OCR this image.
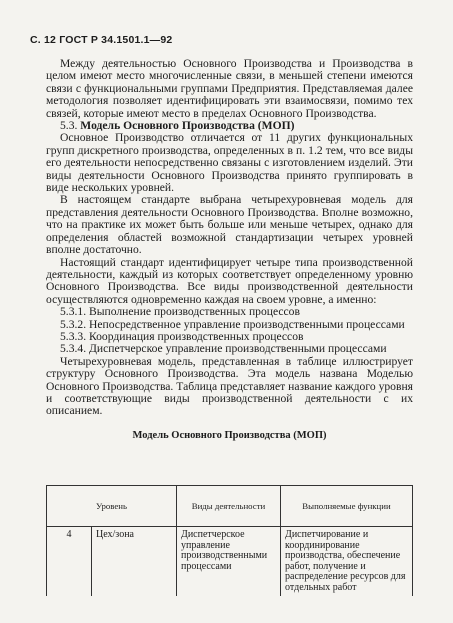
С. 12 ГОСТ Р 34.1501.1—92

Между деятельностью Основного Производства и Производства в целом имеют место многочисленные связи, в меньшей степени имеются связи с функциональными группами Предприятия. Представляемая далее методология позволяет идентифицировать эти взаимосвязи, помимо тех связей, которые имеют место в пределах Основного Производства.

5.3. Модель Основного Производства (МОП)

Основное Производство отличается от 11 других функциональных групп дискретного производства, определенных в п. 1.2 тем, что все виды его деятельности непосредственно связаны с изготовлением изделий. Эти виды деятельности Основного Производства принято группировать в виде нескольких уровней.

В настоящем стандарте выбрана четырехуровневая модель для представления деятельности Основного Производства. Вполне возможно, что на практике их может быть больше или меньше четырех, однако для определения областей возможной стандартизации четырех уровней вполне достаточно.

Настоящий стандарт идентифицирует четыре типа производственной деятельности, каждый из которых соответствует определенному уровню Основного Производства. Все виды производственной деятельности осуществляются одновременно каждая на своем уровне, а именно:

5.3.1. Выполнение производственных процессов

5.3.2. Непосредственное управление производственными процессами

5.3.3. Координация производственных процессов

5.3.4. Диспетчерское управление производственными процессами

Четырехуровневая модель, представленная в таблице иллюстрирует структуру Основного Производства. Эта модель названа Моделью Основного Производства. Таблица представляет название каждого уровня и соответствующие виды производственной деятельности с их описанием.

Модель Основного Производства (МОП)
Уровень		Виды деятельности	Выполняемые функции
4	Цех/зона	Диспетчерское управление производственными процессами	Диспетчирование и координирование производства, обеспечение работ, получение и распределение ресурсов для отдельных работ
